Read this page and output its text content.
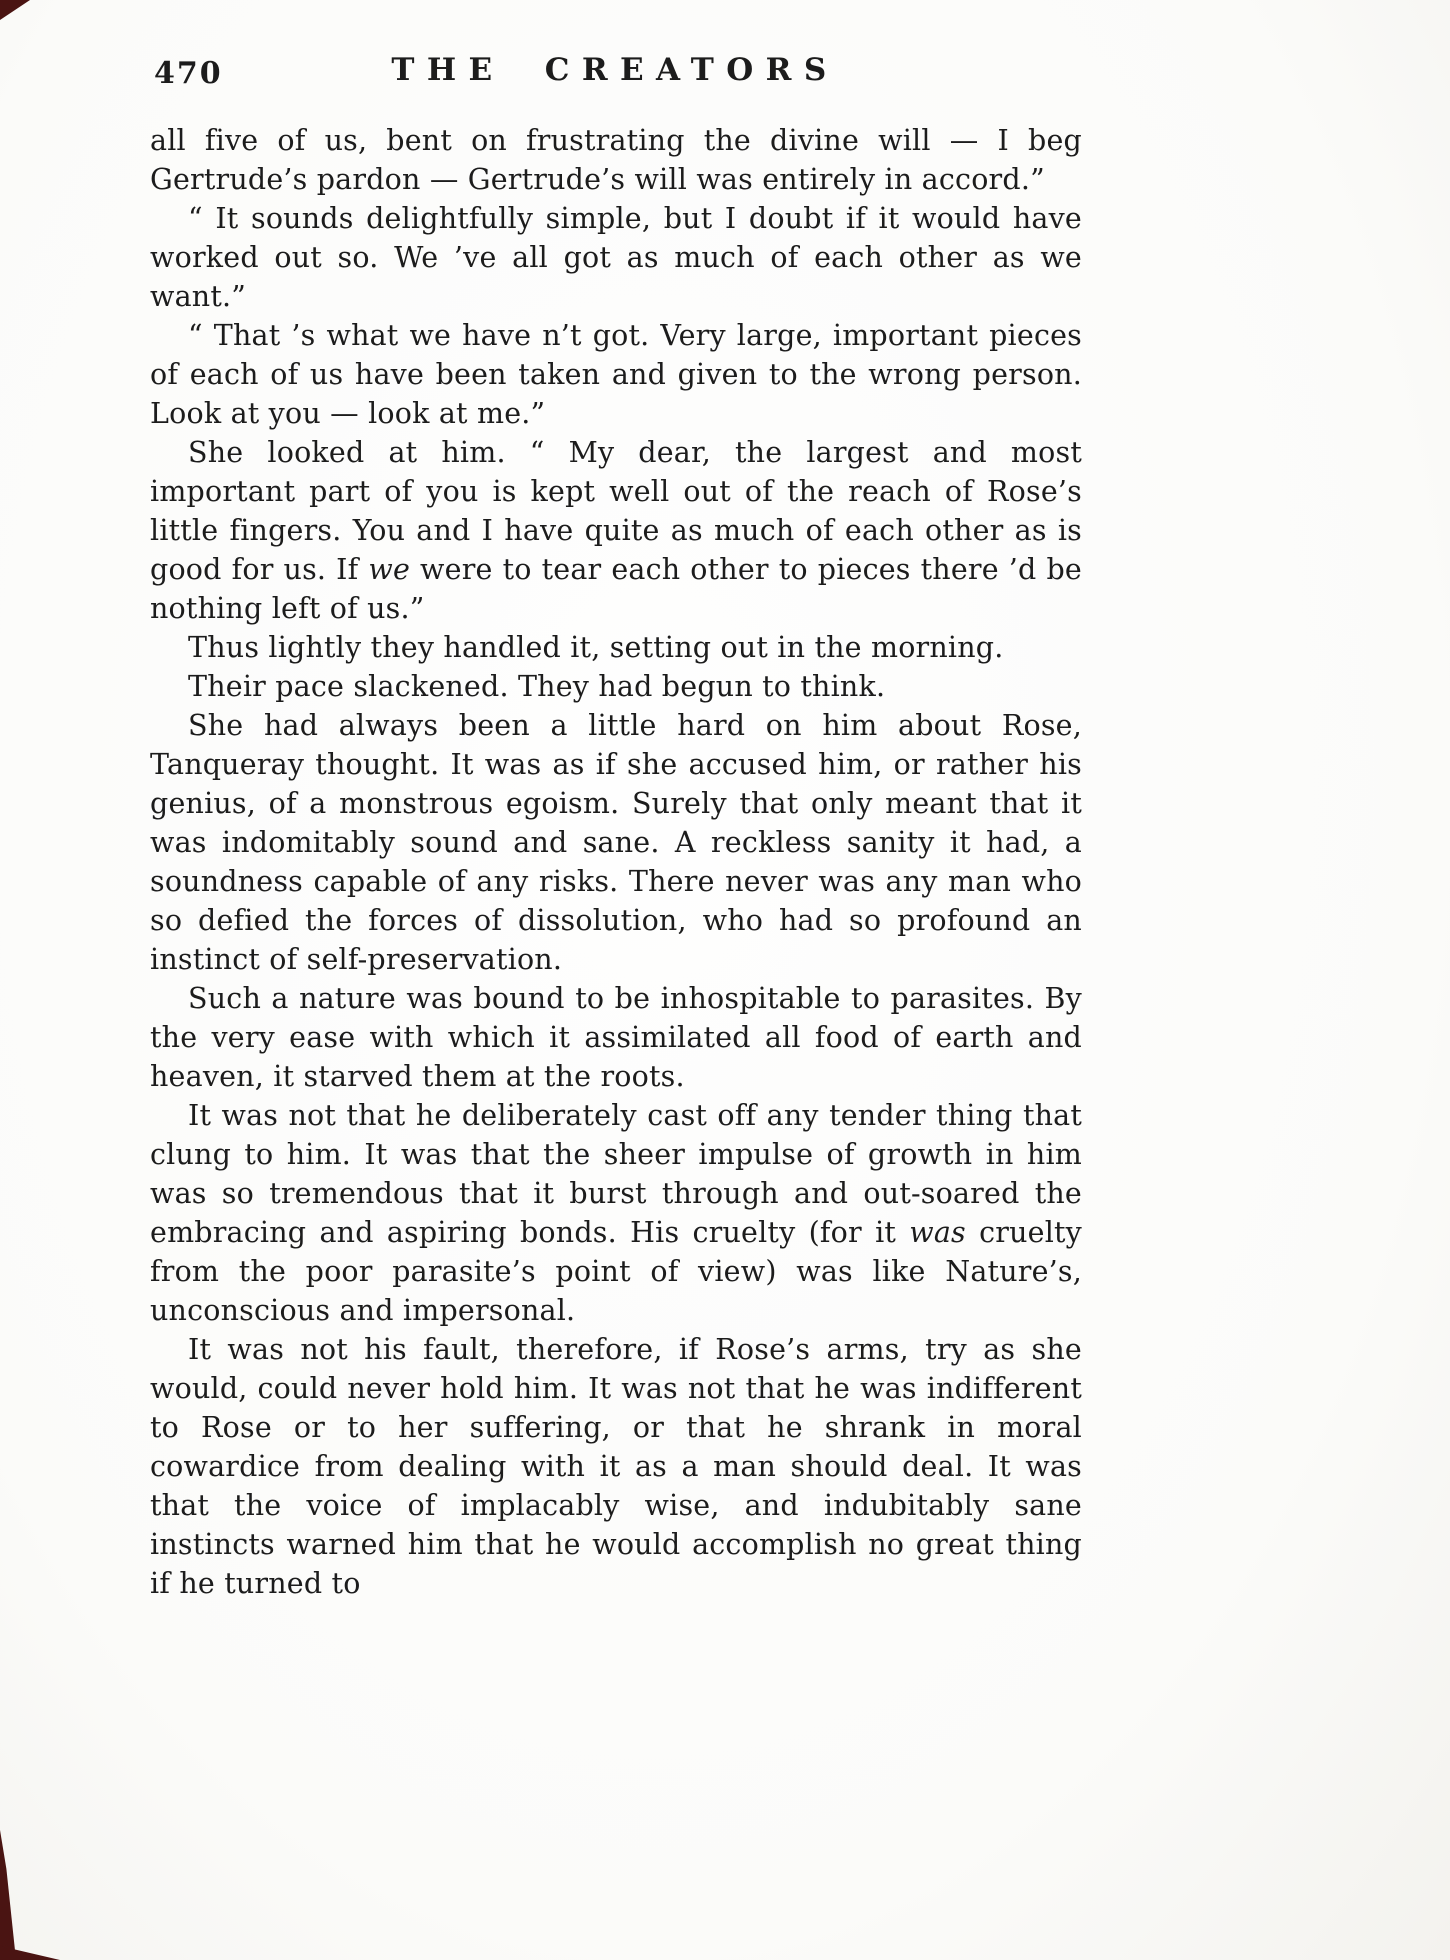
470	THE CREATORS

all five of us, bent on frustrating the divine will — I beg Gertrude’s pardon — Gertrude’s will was entirely in accord.”

“ It sounds delightfully simple, but I doubt if it would have worked out so. We ’ve all got as much of each other as we want.”

“ That ’s what we have n’t got. Very large, important pieces of each of us have been taken and given to the wrong person. Look at you — look at me.”

She looked at him. “ My dear, the largest and most important part of you is kept well out of the reach of Rose’s little fingers. You and I have quite as much of each other as is good for us. If we were to tear each other to pieces there ’d be nothing left of us.”

Thus lightly they handled it, setting out in the morning.

Their pace slackened. They had begun to think.

She had always been a little hard on him about Rose, Tanqueray thought. It was as if she accused him, or rather his genius, of a monstrous egoism. Surely that only meant that it was indomitably sound and sane. A reckless sanity it had, a soundness capable of any risks. There never was any man who so defied the forces of dissolution, who had so profound an instinct of self-preservation.

Such a nature was bound to be inhospitable to parasites. By the very ease with which it assimilated all food of earth and heaven, it starved them at the roots.

It was not that he deliberately cast off any tender thing that clung to him. It was that the sheer impulse of growth in him was so tremendous that it burst through and out-soared the embracing and aspiring bonds. His cruelty (for it was cruelty from the poor parasite’s point of view) was like Nature’s, unconscious and impersonal.

It was not his fault, therefore, if Rose’s arms, try as she would, could never hold him. It was not that he was indifferent to Rose or to her suffering, or that he shrank in moral cowardice from dealing with it as a man should deal. It was that the voice of implacably wise, and indubitably sane instincts warned him that he would accomplish no great thing if he turned to
